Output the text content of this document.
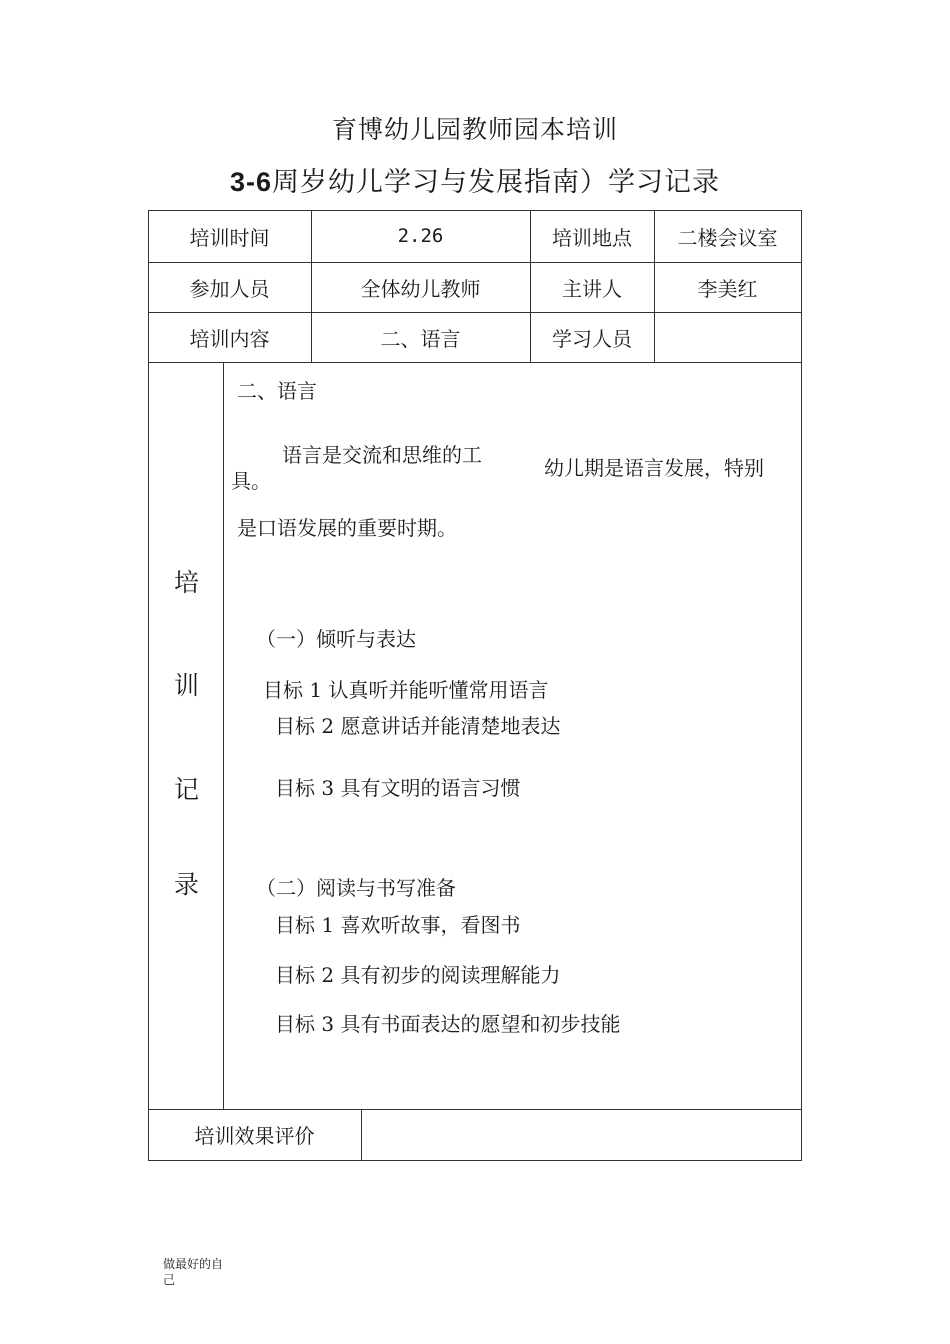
育博幼儿园教师园本培训
3-6周岁幼儿学习与发展指南）学习记录
培训时间	2.26	培训地点	二楼会议室
参加人员	全体幼儿教师	主讲人	李美红
培训内容	二、语言	学习人员
培
训
记
录
二、语言
语言是交流和思维的工
具。
幼儿期是语言发展，特别
是口语发展的重要时期。
（一）倾听与表达
目标 1 认真听并能听懂常用语言
目标 2 愿意讲话并能清楚地表达
目标 3 具有文明的语言习惯
（二）阅读与书写准备
目标 1 喜欢听故事，看图书
目标 2 具有初步的阅读理解能力
目标 3 具有书面表达的愿望和初步技能
培训效果评价
做最好的自
己
